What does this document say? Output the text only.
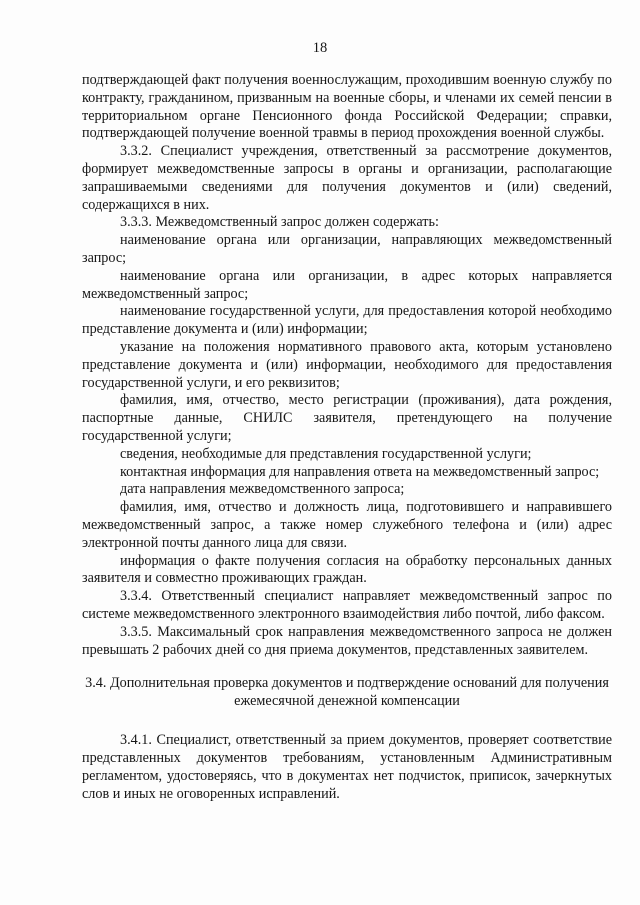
18

подтверждающей факт получения военнослужащим, проходившим военную службу по контракту, гражданином, призванным на военные сборы, и членами их семей пенсии в территориальном органе Пенсионного фонда Российской Федерации; справки, подтверждающей получение военной травмы в период прохождения военной службы.

3.3.2. Специалист учреждения, ответственный за рассмотрение документов, формирует межведомственные запросы в органы и организации, располагающие запрашиваемыми сведениями для получения документов и (или) сведений, содержащихся в них.

3.3.3. Межведомственный запрос должен содержать:

наименование органа или организации, направляющих межведомственный запрос;

наименование органа или организации, в адрес которых направляется межведомственный запрос;

наименование государственной услуги, для предоставления которой необходимо представление документа и (или) информации;

указание на положения нормативного правового акта, которым установлено представление документа и (или) информации, необходимого для предоставления государственной услуги, и его реквизитов;

фамилия, имя, отчество, место регистрации (проживания), дата рождения, паспортные данные, СНИЛС заявителя, претендующего на получение государственной услуги;

сведения, необходимые для представления государственной услуги;

контактная информация для направления ответа на межведомственный запрос;

дата направления межведомственного запроса;

фамилия, имя, отчество и должность лица, подготовившего и направившего межведомственный запрос, а также номер служебного телефона и (или) адрес электронной почты данного лица для связи.

информация о факте получения согласия на обработку персональных данных заявителя и совместно проживающих граждан.

3.3.4. Ответственный специалист направляет межведомственный запрос по системе межведомственного электронного взаимодействия либо почтой, либо факсом.

3.3.5. Максимальный срок направления межведомственного запроса не должен превышать 2 рабочих дней со дня приема документов, представленных заявителем.

3.4. Дополнительная проверка документов и подтверждение оснований для получения ежемесячной денежной компенсации

3.4.1. Специалист, ответственный за прием документов, проверяет соответствие представленных документов требованиям, установленным Административным регламентом, удостоверяясь, что в документах нет подчисток, приписок, зачеркнутых слов и иных не оговоренных исправлений.
